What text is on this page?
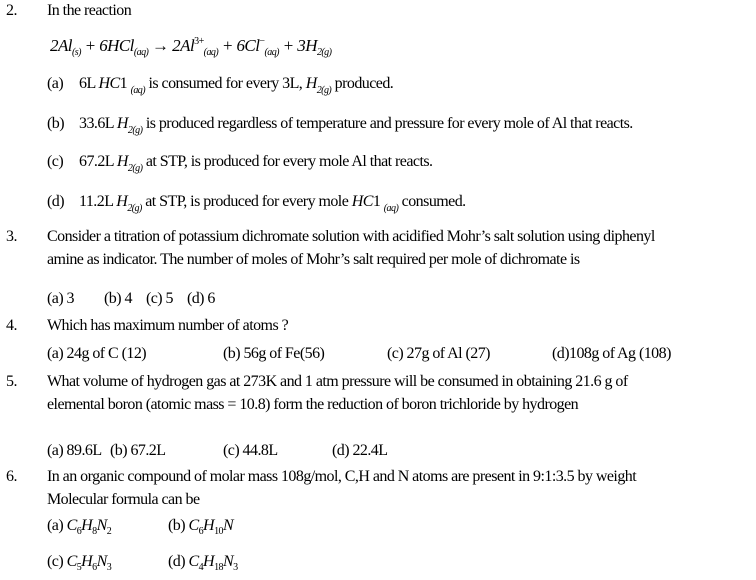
2. In the reaction
$2Al_{(s)} + 6HCl_{(aq)} \to 2Al^{3+}_{(aq)} + 6Cl^-_{(aq)} + 3H_{2(g)}$
(a) 6L HC1 $_{(aq)}$ is consumed for every 3L, $H_{2(g)}$ produced.
(b) 33.6L $H_{2(g)}$ is produced regardless of temperature and pressure for every mole of Al that reacts.
(c) 67.2L $H_{2(g)}$ at STP, is produced for every mole Al that reacts.
(d) 11.2L $H_{2(g)}$ at STP, is produced for every mole HC1 $_{(aq)}$ consumed.
3. Consider a titration of potassium dichromate solution with acidified Mohr’s salt solution using diphenyl
amine as indicator. The number of moles of Mohr’s salt required per mole of dichromate is
(a) 3 (b) 4 (c) 5 (d) 6
4. Which has maximum number of atoms ?
(a) 24g of C (12)	(b) 56g of Fe(56)	(c) 27g of Al (27)	(d)108g of Ag (108)
5. What volume of hydrogen gas at 273K and 1 atm pressure will be consumed in obtaining 21.6 g of
elemental boron (atomic mass = 10.8) form the reduction of boron trichloride by hydrogen
(a) 89.6L (b) 67.2L	(c) 44.8L	(d) 22.4L
6. In an organic compound of molar mass 108g/mol, C,H and N atoms are present in 9:1:3.5 by weight
Molecular formula can be
(a) $C_6H_8N_2$	(b) $C_6H_{10}N$
(c) $C_5H_6N_3$	(d) $C_4H_{18}N_3$
